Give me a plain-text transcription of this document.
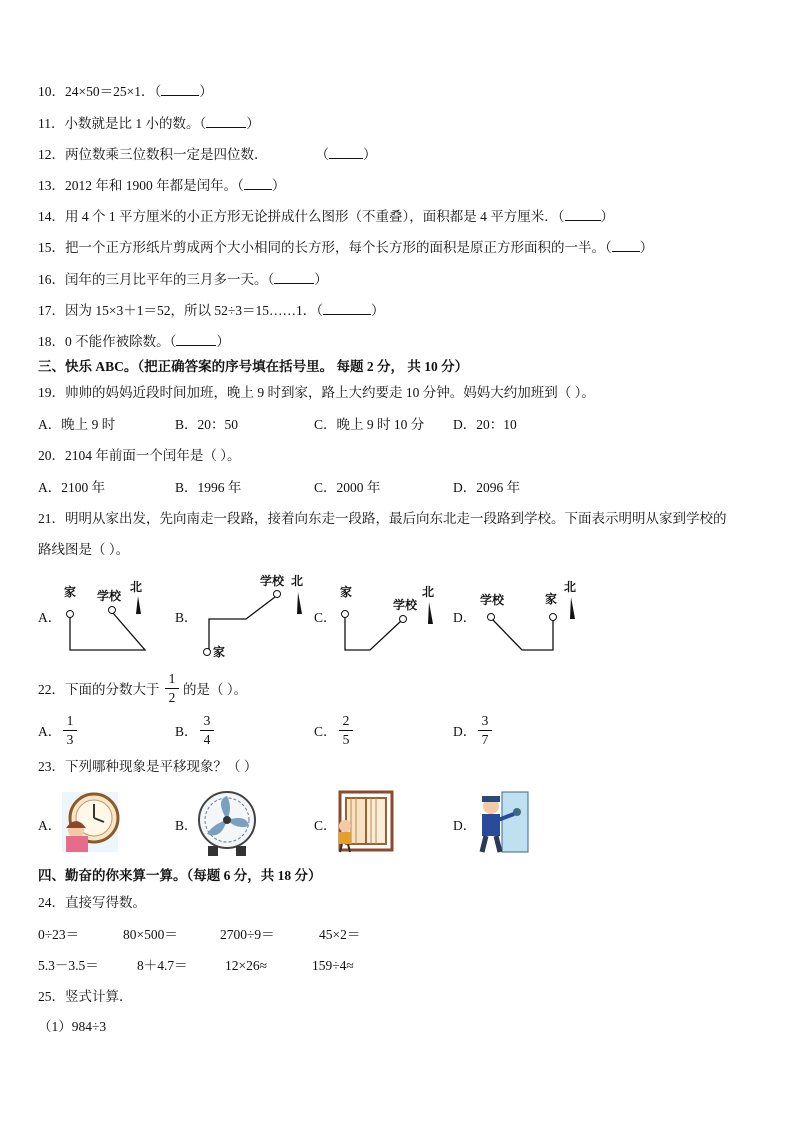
10．24×50＝25×1．（	）
11．小数就是比 1 小的数。（	）
12．两位数乘三位数积一定是四位数．	（	）
13．2012 年和 1900 年都是闰年。（ ）
14．用 4 个 1 平方厘米的小正方形无论拼成什么图形（不重叠），面积都是 4 平方厘米．（	）
15．把一个正方形纸片剪成两个大小相同的长方形，每个长方形的面积是原正方形面积的一半。（ ）
16．闰年的三月比平年的三月多一天。（	）
17．因为 15×3＋1＝52，所以 52÷3＝15……1．（	）
18．0 不能作被除数。（	）
三、快乐 ABC。（把正确答案的序号填在括号里。 每题 2 分， 共 10 分）
19．帅帅的妈妈近段时间加班，晚上 9 时到家，路上大约要走 10 分钟。妈妈大约加班到（ ）。
A．晚上 9 时	B．20：50	C．晚上 9 时 10 分 D．20：10
20．2104 年前面一个闰年是（ ）。
A．2100 年	B．1996 年	C．2000 年	D．2096 年
21．明明从家出发，先向南走一段路，接着向东走一段路，最后向东北走一段路到学校。下面表示明明从家到学校的
路线图是（ ）。
A．	B．	C．	D．
家 学校
北	学校 北
家
家
学校
北
学校	家
北
22．下面的分数大于
1
2
的是（ ）。
A．
1
3
B．
3
4
C．
2
5
D．
3
7
23．下列哪种现象是平移现象？（ ）
A．	B．	C．	D．
四、勤奋的你来算一算。（每题 6 分，共 18 分）
24．直接写得数。
0÷23＝	80×500＝	2700÷9＝	45×2＝
5.3－3.5＝	8＋4.7＝	12×26≈	159÷4≈
25．竖式计算．
（1）984÷3
